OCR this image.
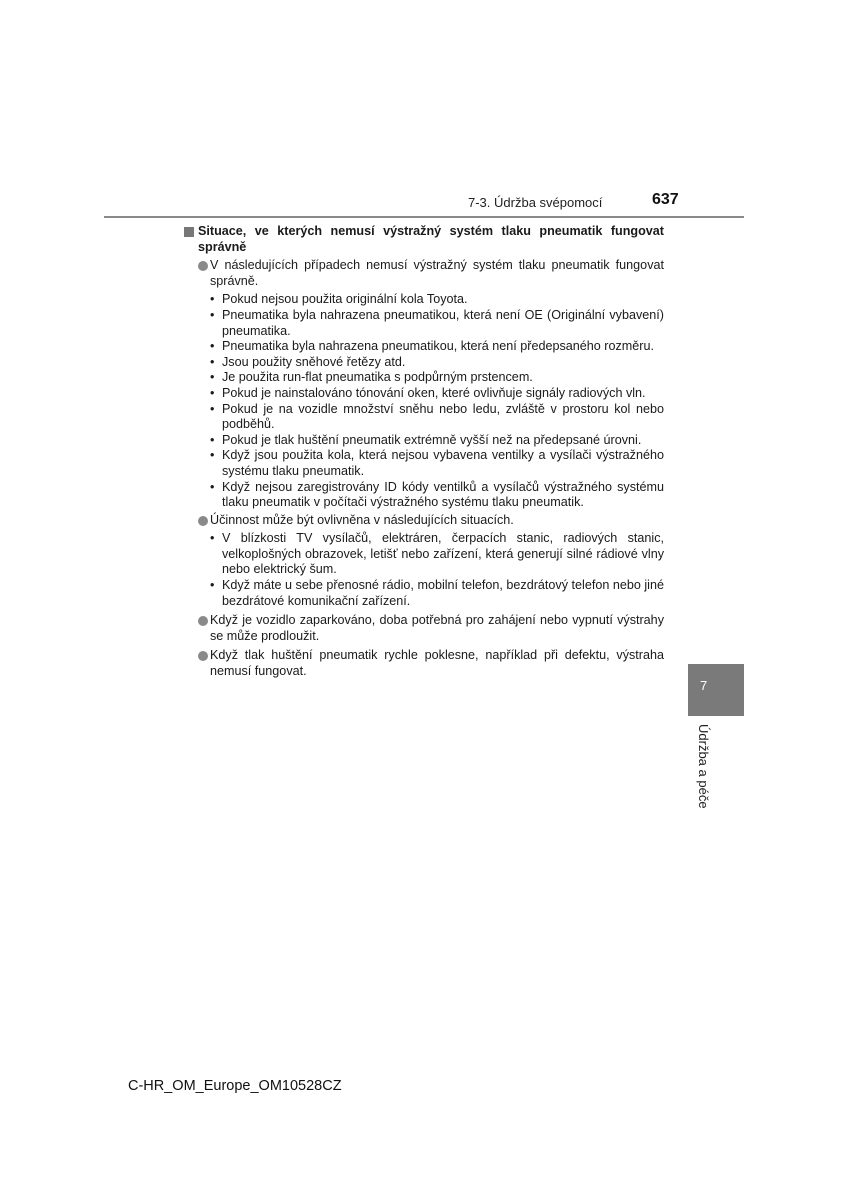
7-3. Údržba svépomocí	637
Situace, ve kterých nemusí výstražný systém tlaku pneumatik fungovat správně
V následujících případech nemusí výstražný systém tlaku pneumatik fungovat správně.
• Pokud nejsou použita originální kola Toyota.
• Pneumatika byla nahrazena pneumatikou, která není OE (Originální vybavení) pneumatika.
• Pneumatika byla nahrazena pneumatikou, která není předepsaného rozměru.
• Jsou použity sněhové řetězy atd.
• Je použita run-flat pneumatika s podpůrným prstencem.
• Pokud je nainstalováno tónování oken, které ovlivňuje signály radiových vln.
• Pokud je na vozidle množství sněhu nebo ledu, zvláště v prostoru kol nebo podběhů.
• Pokud je tlak huštění pneumatik extrémně vyšší než na předepsané úrovni.
• Když jsou použita kola, která nejsou vybavena ventilky a vysílači výstražného systému tlaku pneumatik.
• Když nejsou zaregistrovány ID kódy ventilků a vysílačů výstražného systému tlaku pneumatik v počítači výstražného systému tlaku pneumatik.
Účinnost může být ovlivněna v následujících situacích.
• V blízkosti TV vysílačů, elektráren, čerpacích stanic, radiových stanic, velkoplošných obrazovek, letišť nebo zařízení, která generují silné rádiové vlny nebo elektrický šum.
• Když máte u sebe přenosné rádio, mobilní telefon, bezdrátový telefon nebo jiné bezdrátové komunikační zařízení.
Když je vozidlo zaparkováno, doba potřebná pro zahájení nebo vypnutí výstrahy se může prodloužit.
Když tlak huštění pneumatik rychle poklesne, například při defektu, výstraha nemusí fungovat.
7
Údržba a péče
C-HR_OM_Europe_OM10528CZ
